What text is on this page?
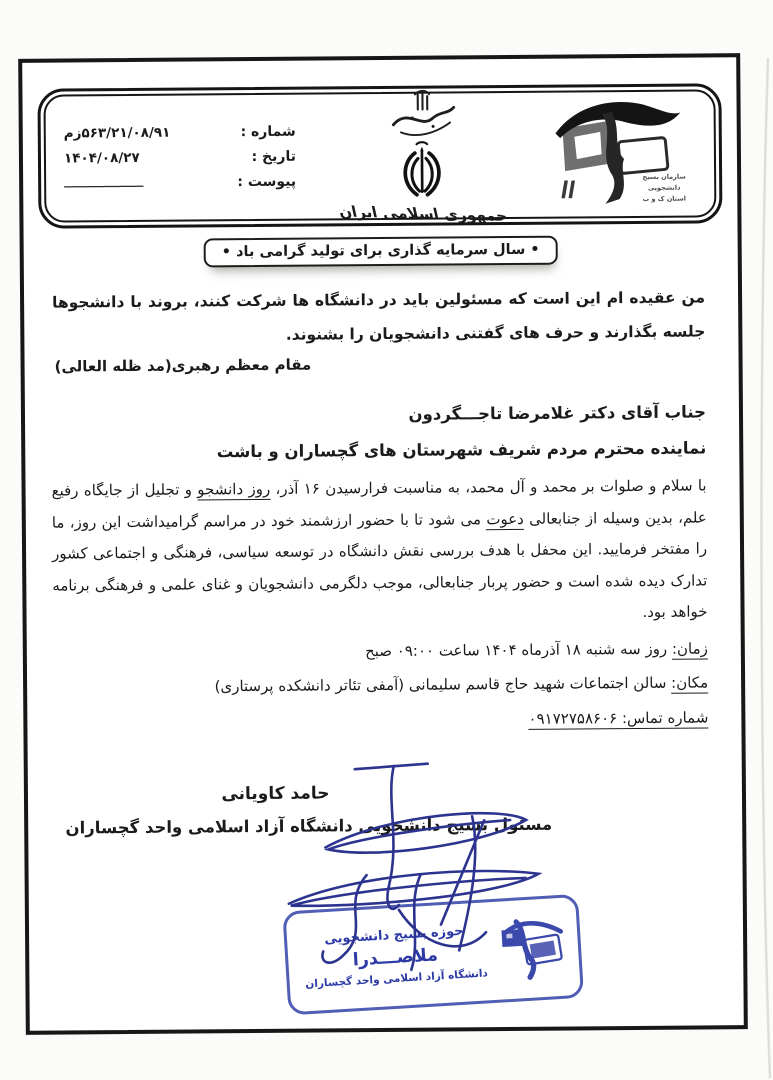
سازمان بسیج دانشجویی استان ک و ب
جمهوری اسلامی ایران
شماره :
۵۶۳/۲۱/۰۸/۹۱زم
تاریخ :
۱۴۰۴/۰۸/۲۷
پیوست :
ــــــــــــــــــــ
• سال سرمایه گذاری برای تولید گرامی باد •

من عقیده ام این است که مسئولین باید در دانشگاه ها شرکت کنند، بروند با دانشجوها جلسه بگذارند و حرف های گفتنی دانشجویان را بشنوند.

مقام معظم رهبری(مد ظله العالی)

جناب آقای دکتر غلامرضا تاجـــگردون
نماینده محترم مردم شریف شهرستان های گچساران و باشت

با سلام و صلوات بر محمد و آل محمد، به مناسبت فرارسیدن ۱۶ آذر، روز دانشجو و تجلیل از جایگاه رفیع علم، بدین وسیله از جنابعالی دعوت می شود تا با حضور ارزشمند خود در مراسم گرامیداشت این روز، ما را مفتخر فرمایید. این محفل با هدف بررسی نقش دانشگاه در توسعه سیاسی، فرهنگی و اجتماعی کشور تدارک دیده شده است و حضور پربار جنابعالی، موجب دلگرمی دانشجویان و غنای علمی و فرهنگی برنامه خواهد بود.

زمان: روز سه شنبه ۱۸ آذرماه ۱۴۰۴ ساعت ۰۹:۰۰ صبح
مکان: سالن اجتماعات شهید حاج قاسم سلیمانی (آمفی تئاتر دانشکده پرستاری)
شماره تماس: ۰۹۱۷۲۷۵۸۶۰۶
حامد کاویانی
مسئول بسیج دانشجویی دانشگاه آزاد اسلامی واحد گچساران
حوزه بسیج دانشجویی
ملاصـــدرا
دانشگاه آزاد اسلامی واحد گچساران
